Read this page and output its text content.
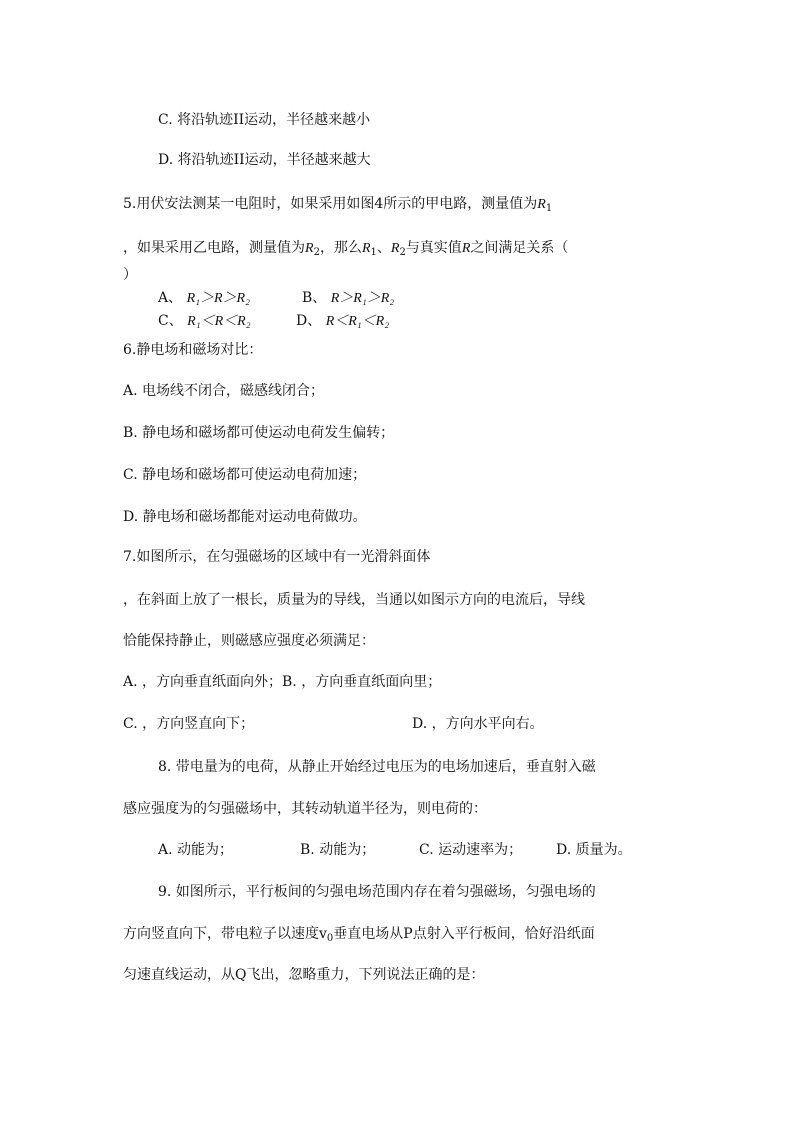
C. 将沿轨迹II运动，半径越来越小
D. 将沿轨迹II运动，半径越来越大
5.用伏安法测某一电阻时，如果采用如图4所示的甲电路，测量值为$R_1$
，如果采用乙电路，测量值为$R_2$，那么$R_1$、$R_2$与真实值R之间满足关系（
）
A、 R₁＞R＞R₂	B、 R＞R₁＞R₂
C、 R₁＜R＜R₂	D、 R＜R₁＜R₂
6.静电场和磁场对比：
A. 电场线不闭合，磁感线闭合；
B. 静电场和磁场都可使运动电荷发生偏转；
C. 静电场和磁场都可使运动电荷加速；
D. 静电场和磁场都能对运动电荷做功。
7.如图所示，在匀强磁场的区域中有一光滑斜面体
，在斜面上放了一根长，质量为的导线，当通以如图示方向的电流后，导线
恰能保持静止，则磁感应强度必须满足：
A. ，方向垂直纸面向外；B. ，方向垂直纸面向里；
C. ，方向竖直向下；	D. ，方向水平向右。
8. 带电量为的电荷，从静止开始经过电压为的电场加速后，垂直射入磁
感应强度为的匀强磁场中，其转动轨道半径为，则电荷的：
A. 动能为；	B. 动能为；	C. 运动速率为； D. 质量为。
9. 如图所示，平行板间的匀强电场范围内存在着匀强磁场，匀强电场的
方向竖直向下，带电粒子以速度$v_0$垂直电场从P点射入平行板间，恰好沿纸面
匀速直线运动，从Q飞出，忽略重力，下列说法正确的是：
